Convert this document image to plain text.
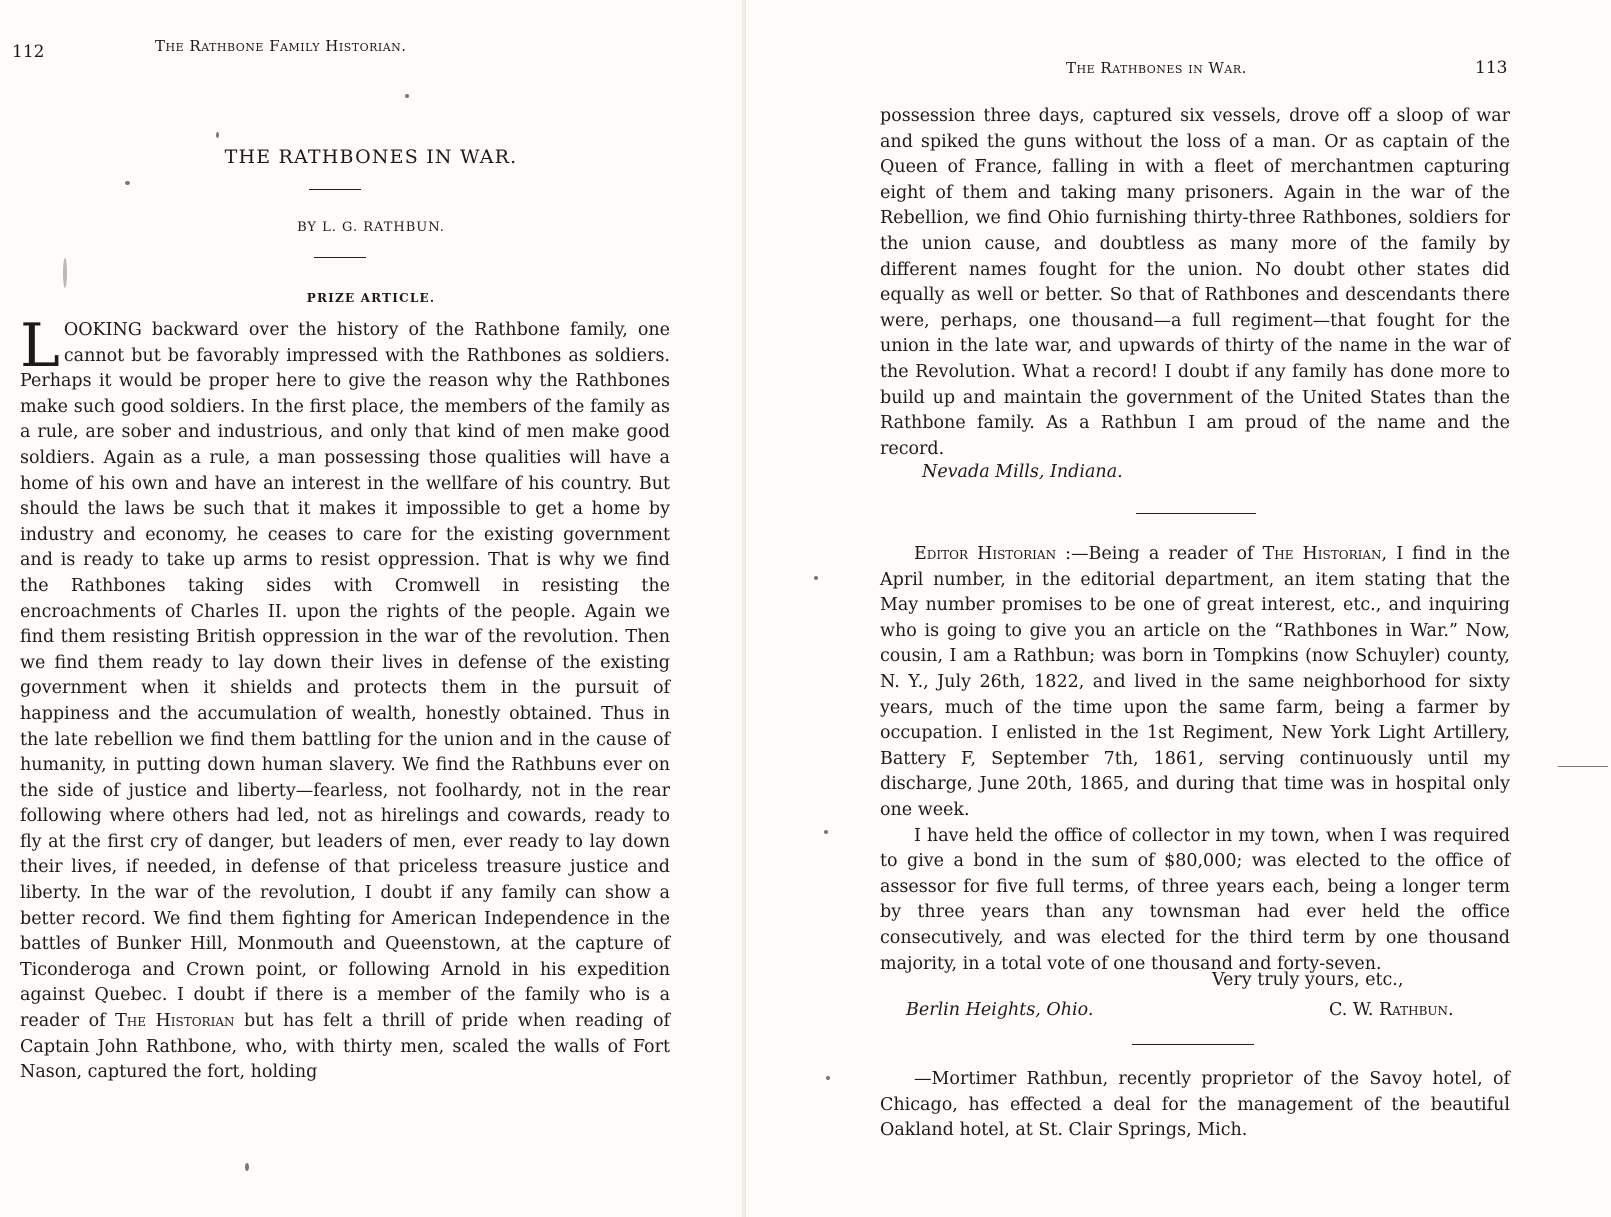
112	The Rathbone Family Historian.
THE RATHBONES IN WAR.
BY L. G. RATHBUN.
PRIZE ARTICLE.
LOOKING backward over the history of the Rathbone family, one cannot but be favorably impressed with the Rathbones as soldiers. Perhaps it would be proper here to give the reason why the Rathbones make such good soldiers. In the first place, the members of the family as a rule, are sober and industrious, and only that kind of men make good soldiers. Again as a rule, a man possessing those qualities will have a home of his own and have an interest in the wellfare of his country. But should the laws be such that it makes it impossible to get a home by industry and economy, he ceases to care for the existing government and is ready to take up arms to resist oppression. That is why we find the Rathbones taking sides with Cromwell in resisting the encroachments of Charles II. upon the rights of the people. Again we find them resisting British oppression in the war of the revolution. Then we find them ready to lay down their lives in defense of the existing government when it shields and protects them in the pursuit of happiness and the accumulation of wealth, honestly obtained. Thus in the late rebellion we find them battling for the union and in the cause of humanity, in putting down human slavery. We find the Rathbuns ever on the side of justice and liberty—fearless, not foolhardy, not in the rear following where others had led, not as hirelings and cowards, ready to fly at the first cry of danger, but leaders of men, ever ready to lay down their lives, if needed, in defense of that priceless treasure justice and liberty. In the war of the revolution, I doubt if any family can show a better record. We find them fighting for American Independence in the battles of Bunker Hill, Monmouth and Queenstown, at the capture of Ticonderoga and Crown point, or following Arnold in his expedition against Quebec. I doubt if there is a member of the family who is a reader of The Historian but has felt a thrill of pride when reading of Captain John Rathbone, who, with thirty men, scaled the walls of Fort Nason, captured the fort, holding
The Rathbones in War.	113
possession three days, captured six vessels, drove off a sloop of war and spiked the guns without the loss of a man. Or as captain of the Queen of France, falling in with a fleet of merchantmen capturing eight of them and taking many prisoners. Again in the war of the Rebellion, we find Ohio furnishing thirty-three Rathbones, soldiers for the union cause, and doubtless as many more of the family by different names fought for the union. No doubt other states did equally as well or better. So that of Rathbones and descendants there were, perhaps, one thousand—a full regiment—that fought for the union in the late war, and upwards of thirty of the name in the war of the Revolution. What a record! I doubt if any family has done more to build up and maintain the government of the United States than the Rathbone family. As a Rathbun I am proud of the name and the record.
Nevada Mills, Indiana.

Editor Historian :—Being a reader of The Historian, I find in the April number, in the editorial department, an item stating that the May number promises to be one of great interest, etc., and inquiring who is going to give you an article on the “Rathbones in War.” Now, cousin, I am a Rathbun; was born in Tompkins (now Schuyler) county, N. Y., July 26th, 1822, and lived in the same neighborhood for sixty years, much of the time upon the same farm, being a farmer by occupation. I enlisted in the 1st Regiment, New York Light Artillery, Battery F, September 7th, 1861, serving continuously until my discharge, June 20th, 1865, and during that time was in hospital only one week.

I have held the office of collector in my town, when I was required to give a bond in the sum of $80,000; was elected to the office of assessor for five full terms, of three years each, being a longer term by three years than any townsman had ever held the office consecutively, and was elected for the third term by one thousand majority, in a total vote of one thousand and forty-seven.

Very truly yours, etc.,
Berlin Heights, Ohio.	C. W. Rathbun.

—Mortimer Rathbun, recently proprietor of the Savoy hotel, of Chicago, has effected a deal for the management of the beautiful Oakland hotel, at St. Clair Springs, Mich.
